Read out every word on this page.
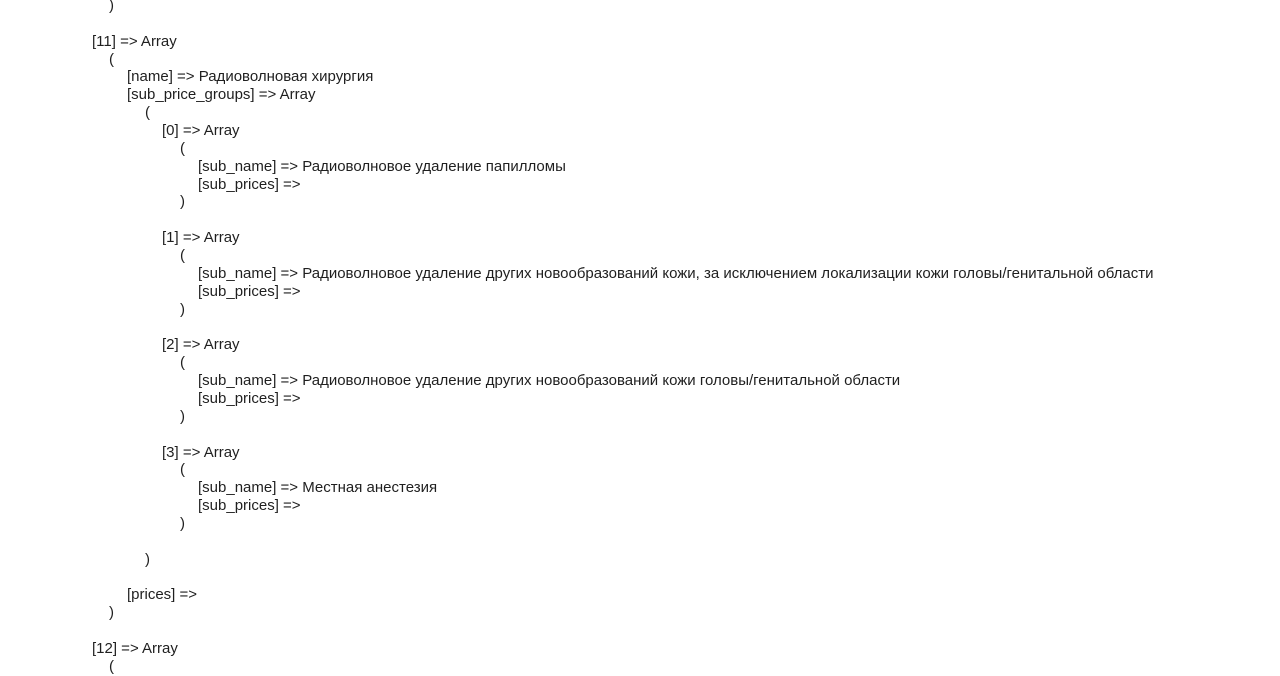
)
[11] => Array
(
[name] => Радиоволновая хирургия
[sub_price_groups] => Array
(
[0] => Array
(
[sub_name] => Радиоволновое удаление папилломы
[sub_prices] =>
)
[1] => Array
(
[sub_name] => Радиоволновое удаление других новообразований кожи, за исключением локализации кожи головы/генитальной области
[sub_prices] =>
)
[2] => Array
(
[sub_name] => Радиоволновое удаление других новообразований кожи головы/генитальной области
[sub_prices] =>
)
[3] => Array
(
[sub_name] => Местная анестезия
[sub_prices] =>
)
)
[prices] =>
)
[12] => Array
(
